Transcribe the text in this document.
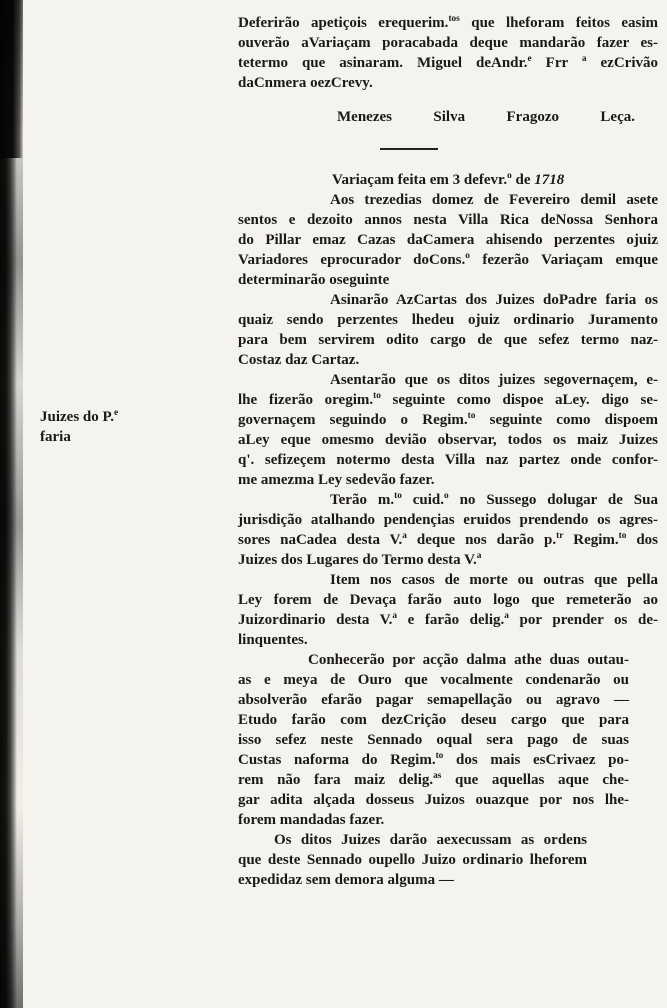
Juizes do P.$^e$
faria
Deferirão apetiçois erequerim.$^{tos}$ que lheforam feitos easim
ouverão aVariaçam poracabada deque mandarão fazer es-
tetermo que asinaram. Miguel deAndr.$^e$ Frr $^a$ ezCrivão
daCnmera oezCrevy.
Menezes	Silva	Fragozo	Leça.
Variaçam feita em 3 defevr.$^o$ de 1718
Aos trezedias domez de Fevereiro demil asete
sentos e dezoito annos nesta Villa Rica deNossa Senhora
do Pillar emaz Cazas daCamera ahisendo perzentes ojuiz
Variadores eprocurador doCons.$^o$ fezerão Variaçam emque
determinarão oseguinte
Asinarão AzCartas dos Juizes doPadre faria os
quaiz sendo perzentes lhedeu ojuiz ordinario Juramento
para bem servirem odito cargo de que sefez termo naz-
Costaz daz Cartaz.
Asentarão que os ditos juizes segovernaçem, e-
lhe fizerão oregim.$^{to}$ seguinte como dispoe aLey. digo se-
governaçem seguindo o Regim.$^{to}$ seguinte como dispoem
aLey eque omesmo devião observar, todos os maiz Juizes
q'. sefizeçem notermo desta Villa naz partez onde confor-
me amezma Ley sedevão fazer.
Terão m.$^{to}$ cuid.$^o$ no Sussego dolugar de Sua
jurisdição atalhando pendençias eruidos prendendo os agres-
sores naCadea desta V.$^a$ deque nos darão p.$^{tr}$ Regim.$^{to}$ dos
Juizes dos Lugares do Termo desta V.$^a$
Item nos casos de morte ou outras que pella
Ley forem de Devaça farão auto logo que remeterão ao
Juizordinario desta V.$^a$ e farão delig.$^a$ por prender os de-
linquentes.
Conhecerão por acção dalma athe duas outau-
as e meya de Ouro que vocalmente condenarão ou
absolverão efarão pagar semapellação ou agravo —
Etudo farão com dezCrição deseu cargo que para
isso sefez neste Sennado oqual sera pago de suas
Custas naforma do Regim.$^{to}$ dos mais esCrivaez po-
rem não fara maiz delig.$^{as}$ que aquellas aque che-
gar adita alçada dosseus Juizos ouazque por nos lhe-
forem mandadas fazer.
Os ditos Juizes darão aexecussam as ordens
que deste Sennado oupello Juizo ordinario lheforem
expedidaz sem demora alguma —
